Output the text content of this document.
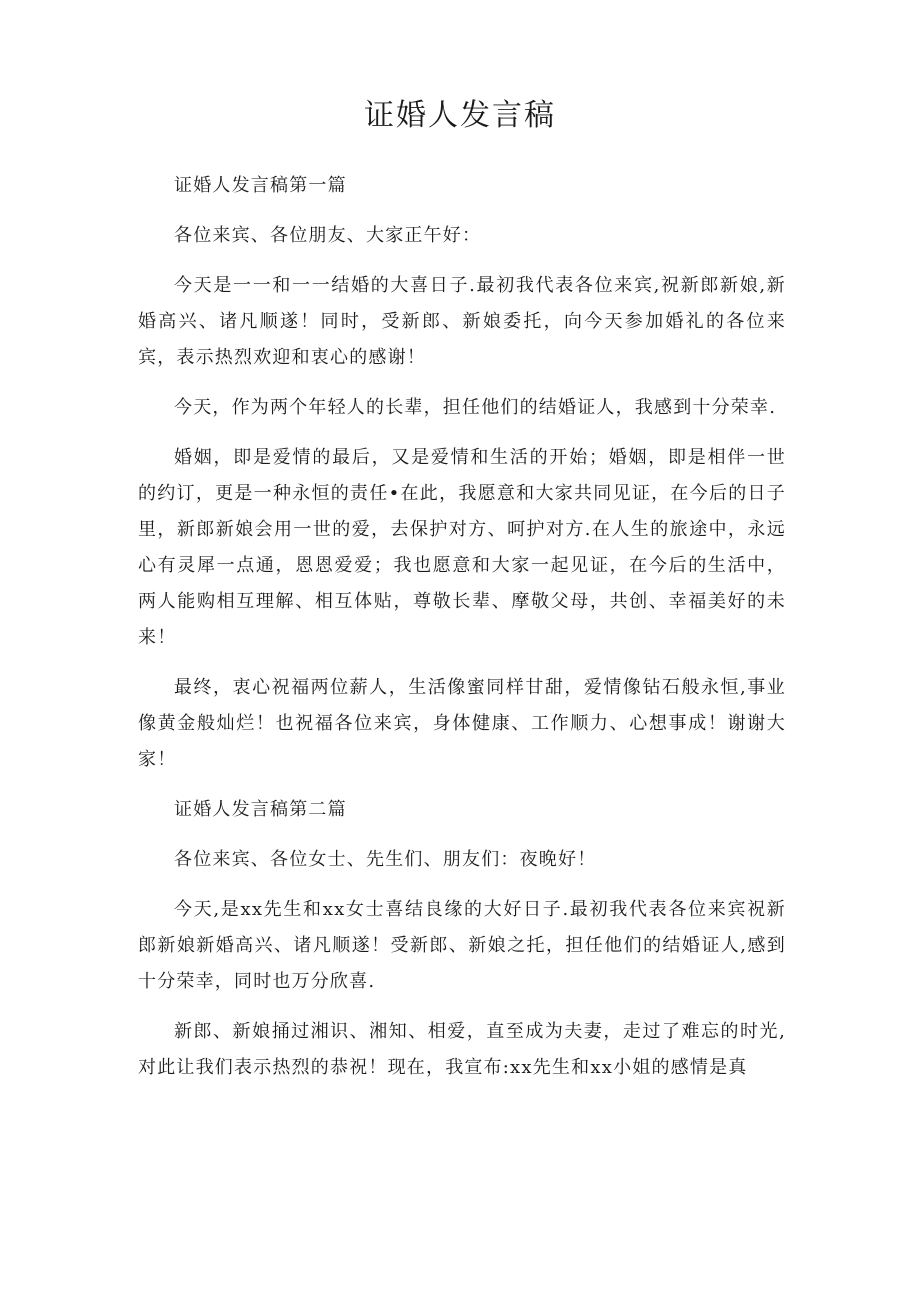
证婚人发言稿

证婚人发言稿第一篇

各位来宾、各位朋友、大家正午好：

今天是一一和一一结婚的大喜日子.最初我代表各位来宾,祝新郎新娘,新婚高兴、诸凡顺遂！同时，受新郎、新娘委托，向今天参加婚礼的各位来宾，表示热烈欢迎和衷心的感谢！

今天，作为两个年轻人的长辈，担任他们的结婚证人，我感到十分荣幸.

婚姻，即是爱情的最后，又是爱情和生活的开始；婚姻，即是相伴一世的约订，更是一种永恒的责任•在此，我愿意和大家共同见证，在今后的日子里，新郎新娘会用一世的爱，去保护对方、呵护对方.在人生的旅途中，永远心有灵犀一点通，恩恩爱爱；我也愿意和大家一起见证，在今后的生活中，两人能购相互理解、相互体贴，尊敬长辈、摩敬父母，共创、幸福美好的未来！

最终，衷心祝福两位薪人，生活像蜜同样甘甜，爱情像钻石般永恒,事业像黄金般灿烂！也祝福各位来宾，身体健康、工作顺力、心想事成！谢谢大家！

证婚人发言稿第二篇

各位来宾、各位女士、先生们、朋友们：夜晚好！

今天,是xx先生和xx女士喜结良缘的大好日子.最初我代表各位来宾祝新郎新娘新婚高兴、诸凡顺遂！受新郎、新娘之托，担任他们的结婚证人,感到十分荣幸，同时也万分欣喜.

新郎、新娘捅过湘识、湘知、相爱，直至成为夫妻，走过了难忘的时光,对此让我们表示热烈的恭祝！现在，我宣布:xx先生和xx小姐的感情是真
